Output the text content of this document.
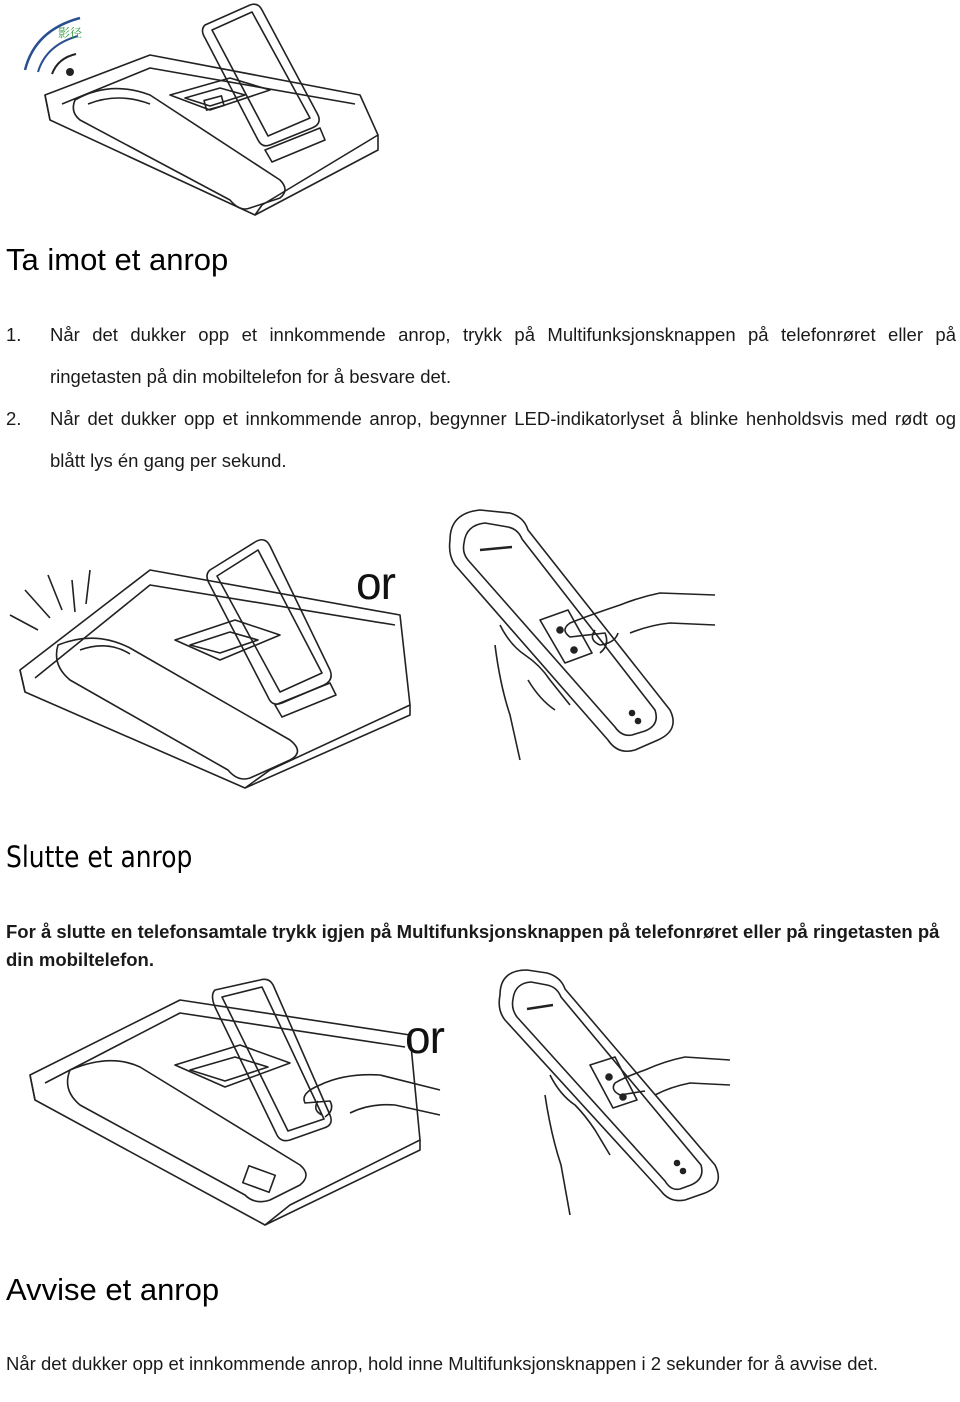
影径
Ta imot et anrop
1. Når det dukker opp et innkommende anrop, trykk på Multifunksjonsknappen på telefonrøret eller på ringetasten på din mobiltelefon for å besvare det.
2. Når det dukker opp et innkommende anrop, begynner LED-indikatorlyset å blinke henholdsvis med rødt og blått lys én gang per sekund.
or
Slutte et anrop
For å slutte en telefonsamtale trykk igjen på Multifunksjonsknappen på telefonrøret eller på ringetasten på din mobiltelefon.
or
Avvise et anrop
Når det dukker opp et innkommende anrop, hold inne Multifunksjonsknappen i 2 sekunder for å avvise det.
